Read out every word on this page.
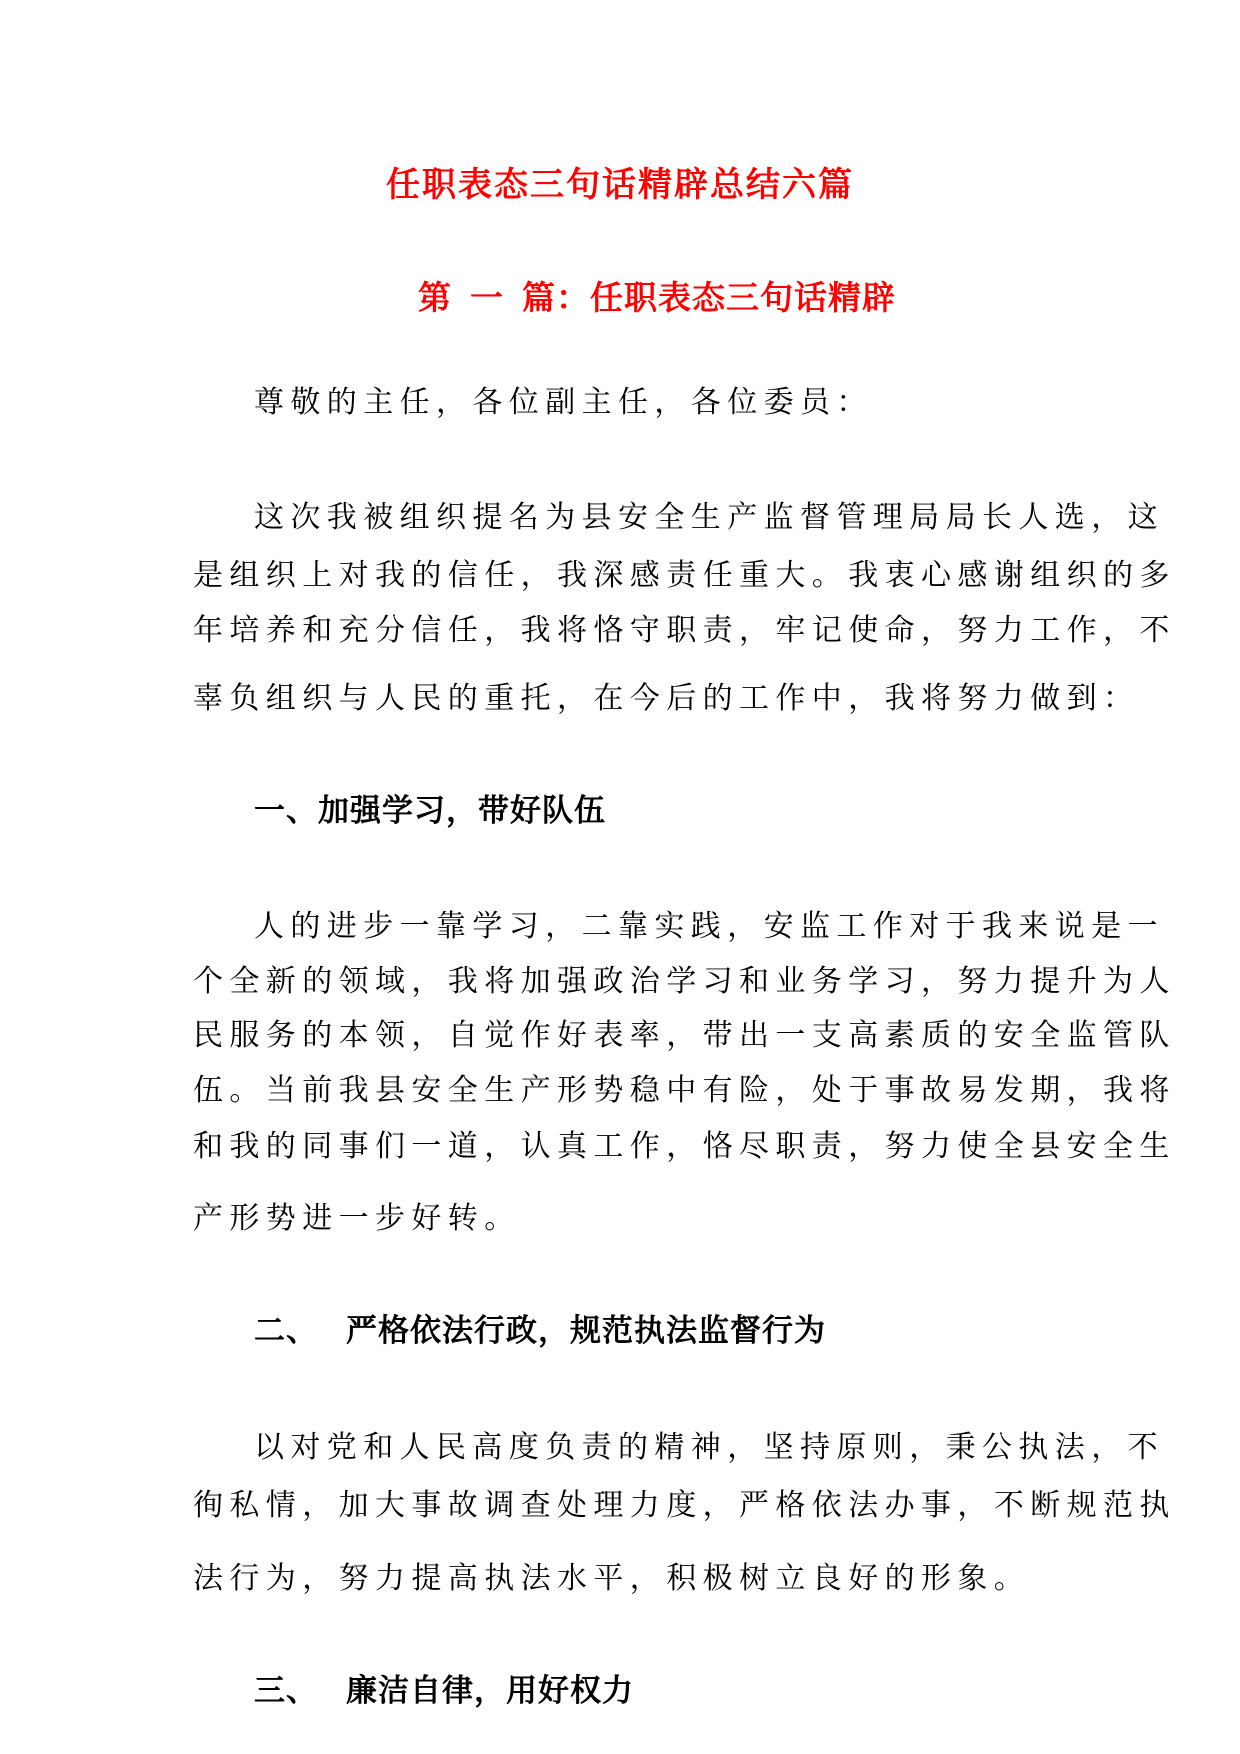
任职表态三句话精辟总结六篇
第 一 篇：任职表态三句话精辟
尊敬的主任，各位副主任，各位委员：
这次我被组织提名为县安全生产监督管理局局长人选，这
是组织上对我的信任，我深感责任重大。我衷心感谢组织的多
年培养和充分信任，我将恪守职责，牢记使命，努力工作，不
辜负组织与人民的重托，在今后的工作中，我将努力做到：
一、加强学习，带好队伍
人的进步一靠学习，二靠实践，安监工作对于我来说是一
个全新的领域，我将加强政治学习和业务学习，努力提升为人
民服务的本领，自觉作好表率，带出一支高素质的安全监管队
伍。当前我县安全生产形势稳中有险，处于事故易发期，我将
和我的同事们一道，认真工作，恪尽职责，努力使全县安全生
产形势进一步好转。
二、 严格依法行政，规范执法监督行为
以对党和人民高度负责的精神，坚持原则，秉公执法，不
徇私情，加大事故调查处理力度，严格依法办事，不断规范执
法行为，努力提高执法水平，积极树立良好的形象。
三、 廉洁自律，用好权力
